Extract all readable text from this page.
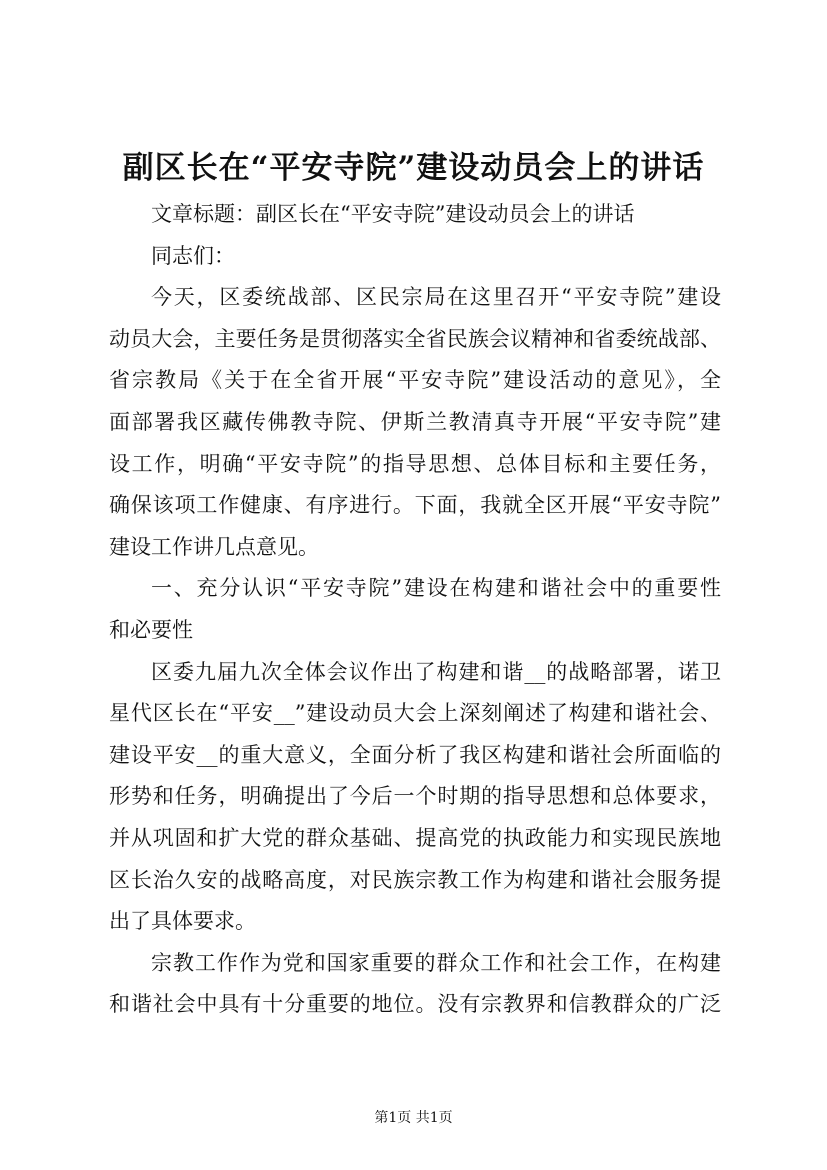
副区长在“平安寺院”建设动员会上的讲话
文章标题：副区长在“平安寺院”建设动员会上的讲话
同志们：
今天，区委统战部、区民宗局在这里召开“平安寺院”建设
动员大会，主要任务是贯彻落实全省民族会议精神和省委统战部、
省宗教局《关于在全省开展“平安寺院”建设活动的意见》，全
面部署我区藏传佛教寺院、伊斯兰教清真寺开展“平安寺院”建
设工作，明确“平安寺院”的指导思想、总体目标和主要任务，
确保该项工作健康、有序进行。下面，我就全区开展“平安寺院”
建设工作讲几点意见。
一、充分认识“平安寺院”建设在构建和谐社会中的重要性
和必要性
区委九届九次全体会议作出了构建和谐__的战略部署，诺卫
星代区长在“平安__”建设动员大会上深刻阐述了构建和谐社会、
建设平安__的重大意义，全面分析了我区构建和谐社会所面临的
形势和任务，明确提出了今后一个时期的指导思想和总体要求，
并从巩固和扩大党的群众基础、提高党的执政能力和实现民族地
区长治久安的战略高度，对民族宗教工作为构建和谐社会服务提
出了具体要求。
宗教工作作为党和国家重要的群众工作和社会工作，在构建
和谐社会中具有十分重要的地位。没有宗教界和信教群众的广泛
第1页 共1页
